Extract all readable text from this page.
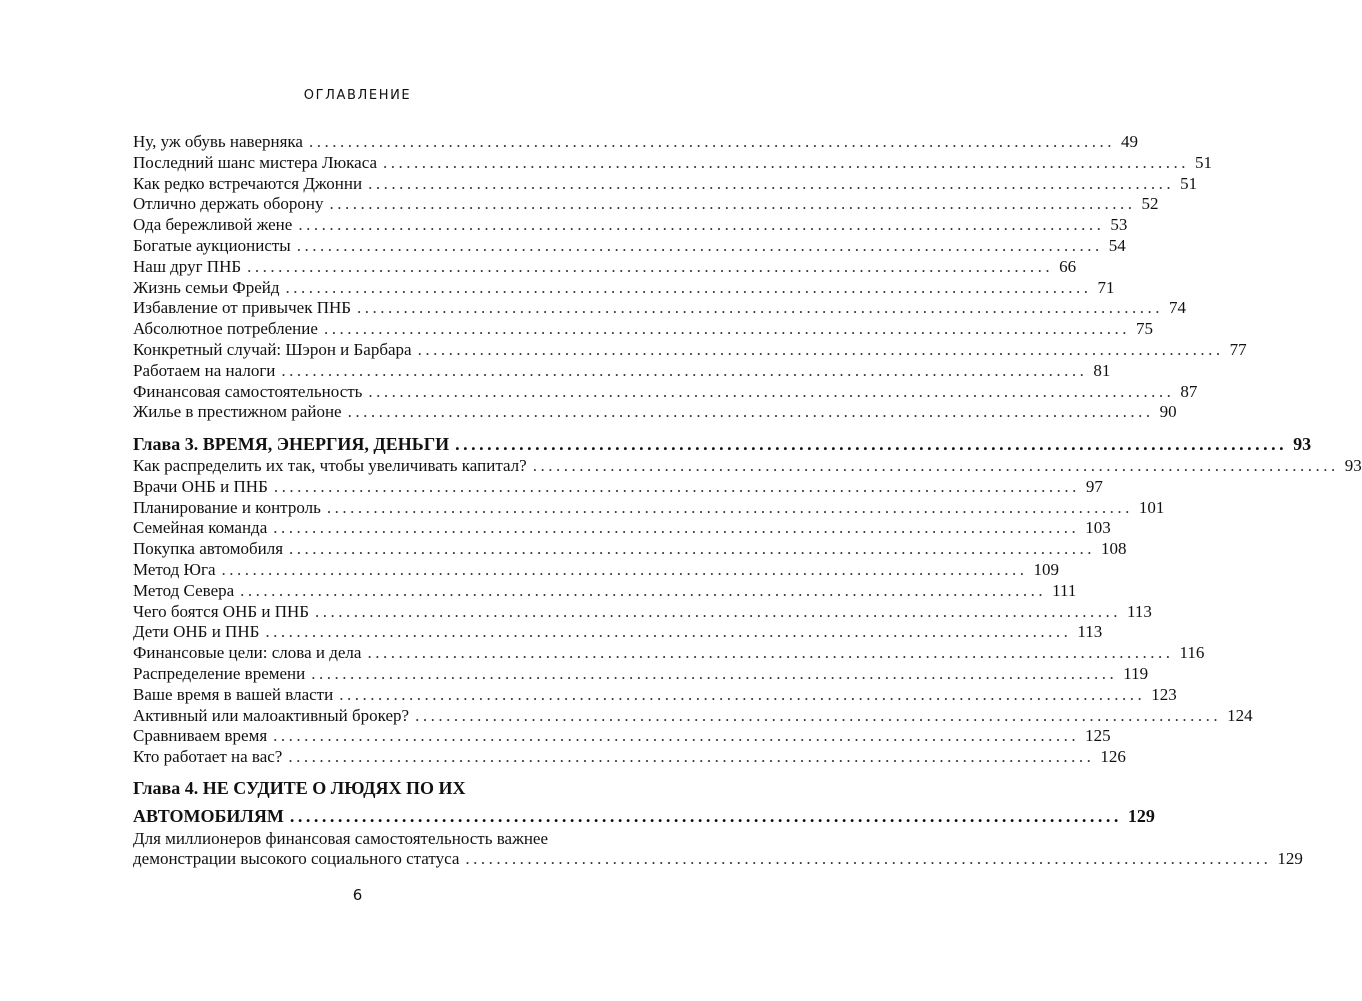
ОГЛАВЛЕНИЕ
Ну, уж обувь наверняка ........................................................................................................ 49
Последний шанс мистера Люкаса ........................................................................................................ 51
Как редко встречаются Джонни ........................................................................................................ 51
Отлично держать оборону ........................................................................................................ 52
Ода бережливой жене ........................................................................................................ 53
Богатые аукционисты ........................................................................................................ 54
Наш друг ПНБ ........................................................................................................ 66
Жизнь семьи Фрейд ........................................................................................................ 71
Избавление от привычек ПНБ ........................................................................................................ 74
Абсолютное потребление ........................................................................................................ 75
Конкретный случай: Шэрон и Барбара ........................................................................................................ 77
Работаем на налоги ........................................................................................................ 81
Финансовая самостоятельность ........................................................................................................ 87
Жилье в престижном районе ........................................................................................................ 90
Глава 3. ВРЕМЯ, ЭНЕРГИЯ, ДЕНЬГИ ........................................................................................................ 93
Как распределить их так, чтобы увеличивать капитал? ........................................................................................................ 93
Врачи ОНБ и ПНБ ........................................................................................................ 97
Планирование и контроль ........................................................................................................ 101
Семейная команда ........................................................................................................ 103
Покупка автомобиля ........................................................................................................ 108
Метод Юга ........................................................................................................ 109
Метод Севера ........................................................................................................ 111
Чего боятся ОНБ и ПНБ ........................................................................................................ 113
Дети ОНБ и ПНБ ........................................................................................................ 113
Финансовые цели: слова и дела ........................................................................................................ 116
Распределение времени ........................................................................................................ 119
Ваше время в вашей власти ........................................................................................................ 123
Активный или малоактивный брокер? ........................................................................................................ 124
Сравниваем время ........................................................................................................ 125
Кто работает на вас? ........................................................................................................ 126
Глава 4. НЕ СУДИТЕ О ЛЮДЯХ ПО ИХ
АВТОМОБИЛЯМ ........................................................................................................ 129
Для миллионеров финансовая самостоятельность важнее
демонстрации высокого социального статуса ........................................................................................................ 129
6
